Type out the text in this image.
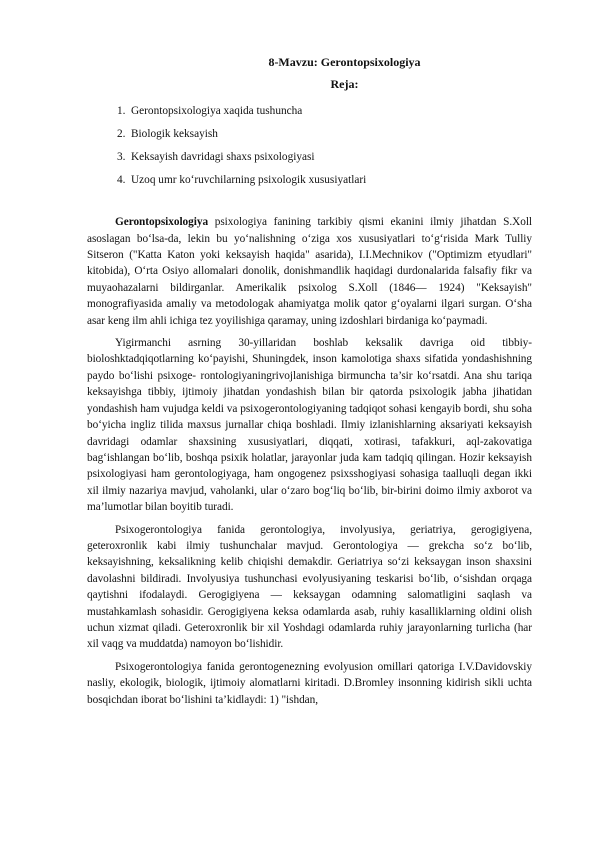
8-Mavzu: Gerontopsixologiya
Reja:
1. Gerontopsixologiya xaqida tushuncha
2. Biologik keksayish
3. Keksayish davridagi shaxs psixologiyasi
4. Uzoq umr ko‘ruvchilarning psixologik xususiyatlari

Gerontopsixologiya psixologiya fanining tarkibiy qismi ekanini ilmiy jihatdan S.Xoll asoslagan bo‘lsa-da, lekin bu yo‘nalishning o‘ziga xos xususiyatlari to‘g‘risida Mark Tulliy Sitseron ("Katta Katon yoki keksayish haqida" asarida), I.I.Mechnikov ("Optimizm etyudlari" kitobida), O‘rta Osiyo allomalari donolik, donishmandlik haqidagi durdonalarida falsafiy fikr va muyaohazalarni bildirganlar. Amerikalik psixolog S.Xoll (1846— 1924) "Keksayish" monografiyasida amaliy va metodologak ahamiyatga molik qator g‘oyalarni ilgari surgan. O‘sha asar keng ilm ahli ichiga tez yoyilishiga qaramay, uning izdoshlari birdaniga ko‘paymadi.

Yigirmanchi asrning 30-yillaridan boshlab keksalik davriga oid tibbiy-bioloshktadqiqotlarning ko‘payishi, Shuningdek, inson kamolotiga shaxs sifatida yondashishning paydo bo‘lishi psixoge- rontologiyaningrivojlanishiga birmuncha ta’sir ko‘rsatdi. Ana shu tariqa keksayishga tibbiy, ijtimoiy jihatdan yondashish bilan bir qatorda psixologik jabha jihatidan yondashish ham vujudga keldi va psixogerontologiyaning tadqiqot sohasi kengayib bordi, shu soha bo‘yicha ingliz tilida maxsus jurnallar chiqa boshladi. Ilmiy izlanishlarning aksariyati keksayish davridagi odamlar shaxsining xususiyatlari, diqqati, xotirasi, tafakkuri, aql-zakovatiga bag‘ishlangan bo‘lib, boshqa psixik holatlar, jarayonlar juda kam tadqiq qilingan. Hozir keksayish psixologiyasi ham gerontologiyaga, ham ongogenez psixsshogiyasi sohasiga taalluqli degan ikki xil ilmiy nazariya mavjud, vaholanki, ular o‘zaro bog‘liq bo‘lib, bir-birini doimo ilmiy axborot va ma’lumotlar bilan boyitib turadi.

Psixogerontologiya fanida gerontologiya, involyusiya, geriatriya, gerogigiyena, geteroxronlik kabi ilmiy tushunchalar mavjud. Gerontologiya — grekcha so‘z bo‘lib, keksayishning, keksalikning kelib chiqishi demakdir. Geriatriya so‘zi keksaygan inson shaxsini davolashni bildiradi. Involyusiya tushunchasi evolyusiyaning teskarisi bo‘lib, o‘sishdan orqaga qaytishni ifodalaydi. Gerogigiyena — keksaygan odamning salomatligini saqlash va mustahkamlash sohasidir. Gerogigiyena keksa odamlarda asab, ruhiy kasalliklarning oldini olish uchun xizmat qiladi. Geteroxronlik bir xil Yoshdagi odamlarda ruhiy jarayonlarning turlicha (har xil vaqg va muddatda) namoyon bo‘lishidir.

Psixogerontologiya fanida gerontogenezning evolyusion omillari qatoriga I.V.Davidovskiy nasliy, ekologik, biologik, ijtimoiy alomatlarni kiritadi. D.Bromley insonning kidirish sikli uchta bosqichdan iborat bo‘lishini ta’kidlaydi: 1) "ishdan,
